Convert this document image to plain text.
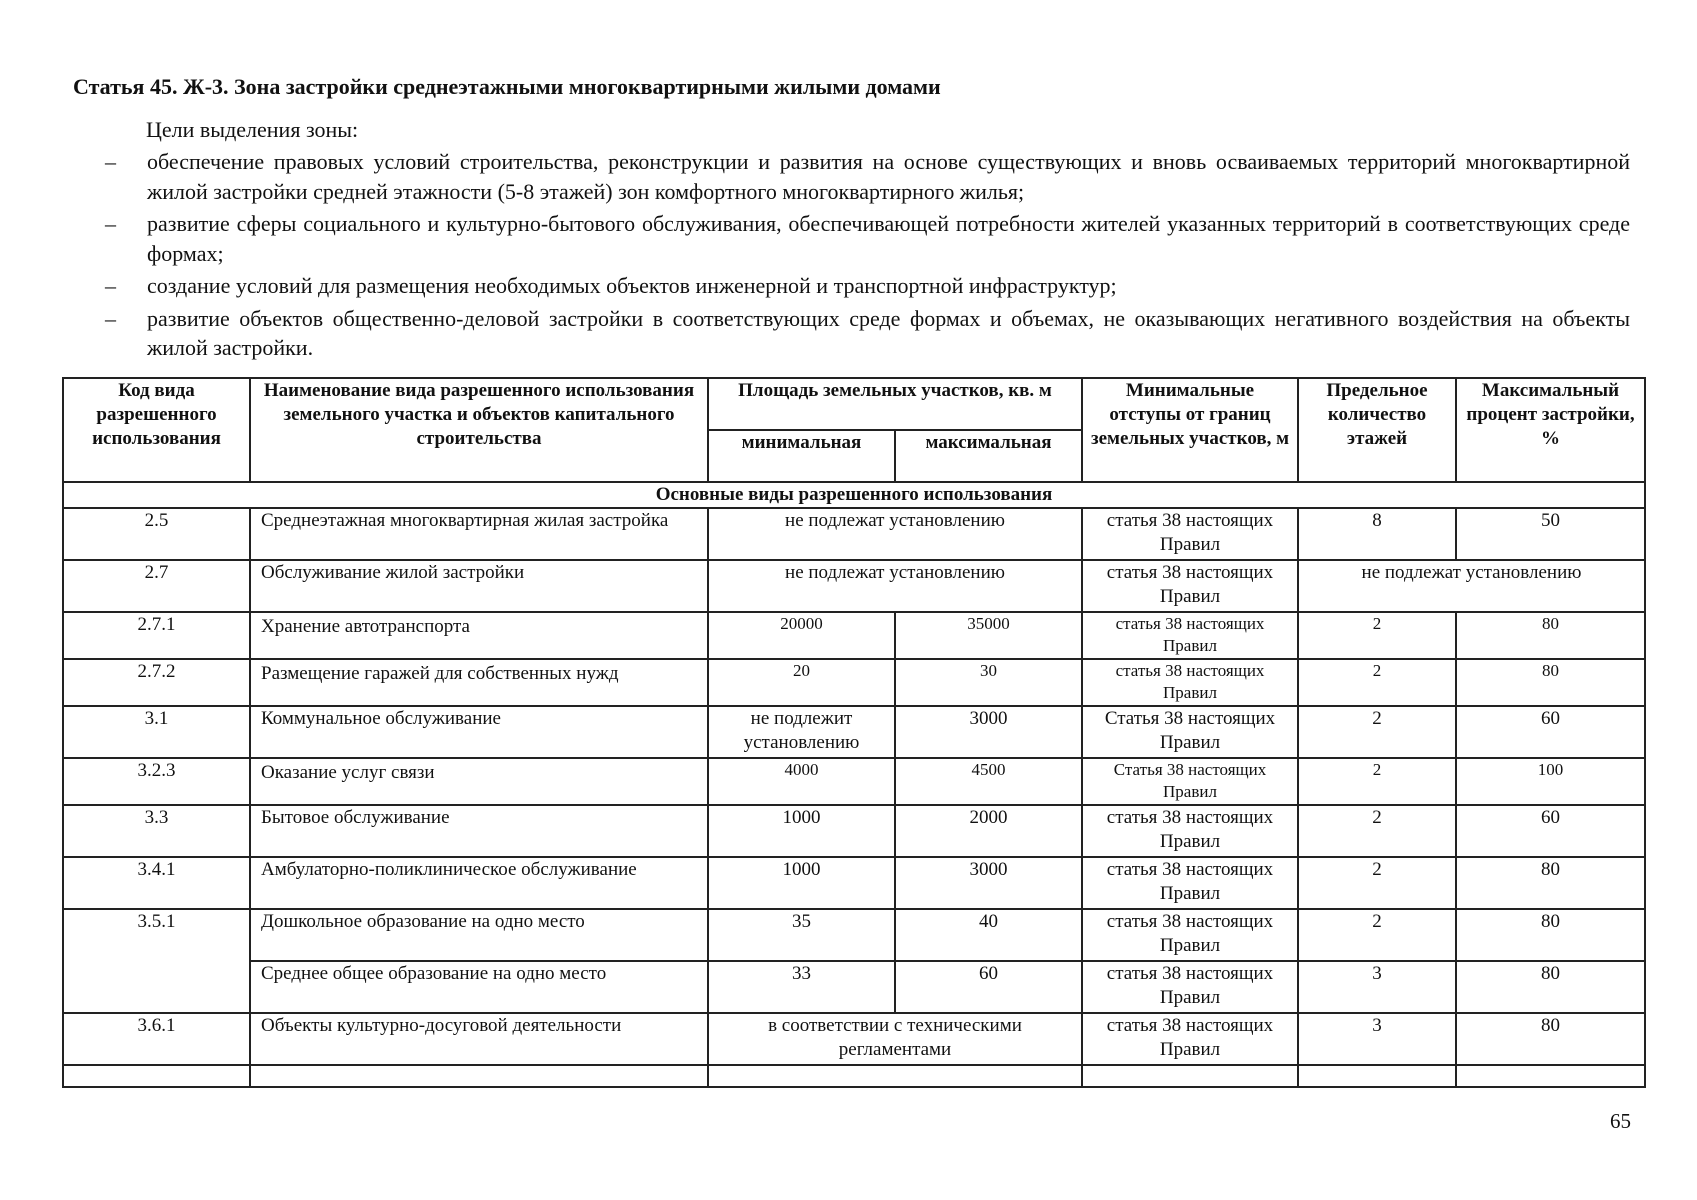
Статья 45. Ж-3. Зона застройки среднеэтажными многоквартирными жилыми домами
Цели выделения зоны:
– обеспечение правовых условий строительства, реконструкции и развития на основе существующих и вновь осваиваемых территорий многоквартирной жилой застройки средней этажности (5-8 этажей) зон комфортного многоквартирного жилья;
– развитие сферы социального и культурно-бытового обслуживания, обеспечивающей потребности жителей указанных территорий в соответствующих среде формах;
– создание условий для размещения необходимых объектов инженерной и транспортной инфраструктур;
– развитие объектов общественно-деловой застройки в соответствующих среде формах и объемах, не оказывающих негативного воздействия на объекты жилой застройки.
Код вида разрешенного использования	Наименование вида разрешенного использования земельного участка и объектов капитального строительства	Площадь земельных участков, кв. м		Минимальные отступы от границ земельных участков, м	Предельное количество этажей	Максимальный процент застройки, %
		минимальная	максимальная			
Основные виды разрешенного использования						
2.5	Среднеэтажная многоквартирная жилая застройка	не подлежат установлению		статья 38 настоящих Правил	8	50
2.7	Обслуживание жилой застройки	не подлежат установлению		статья 38 настоящих Правил	не подлежат установлению	
2.7.1	Хранение автотранспорта	20000	35000	статья 38 настоящих Правил	2	80
2.7.2	Размещение гаражей для собственных нужд	20	30	статья 38 настоящих Правил	2	80
3.1	Коммунальное обслуживание	не подлежит установлению	3000	Статья 38 настоящих Правил	2	60
3.2.3	Оказание услуг связи	4000	4500	Статья 38 настоящих Правил	2	100
3.3	Бытовое обслуживание	1000	2000	статья 38 настоящих Правил	2	60
3.4.1	Амбулаторно-поликлиническое обслуживание	1000	3000	статья 38 настоящих Правил	2	80
3.5.1	Дошкольное образование на одно место	35	40	статья 38 настоящих Правил	2	80
	Среднее общее образование на одно место	33	60	статья 38 настоящих Правил	3	80
3.6.1	Объекты культурно-досуговой деятельности	в соответствии с техническими регламентами		статья 38 настоящих Правил	3	80

65
